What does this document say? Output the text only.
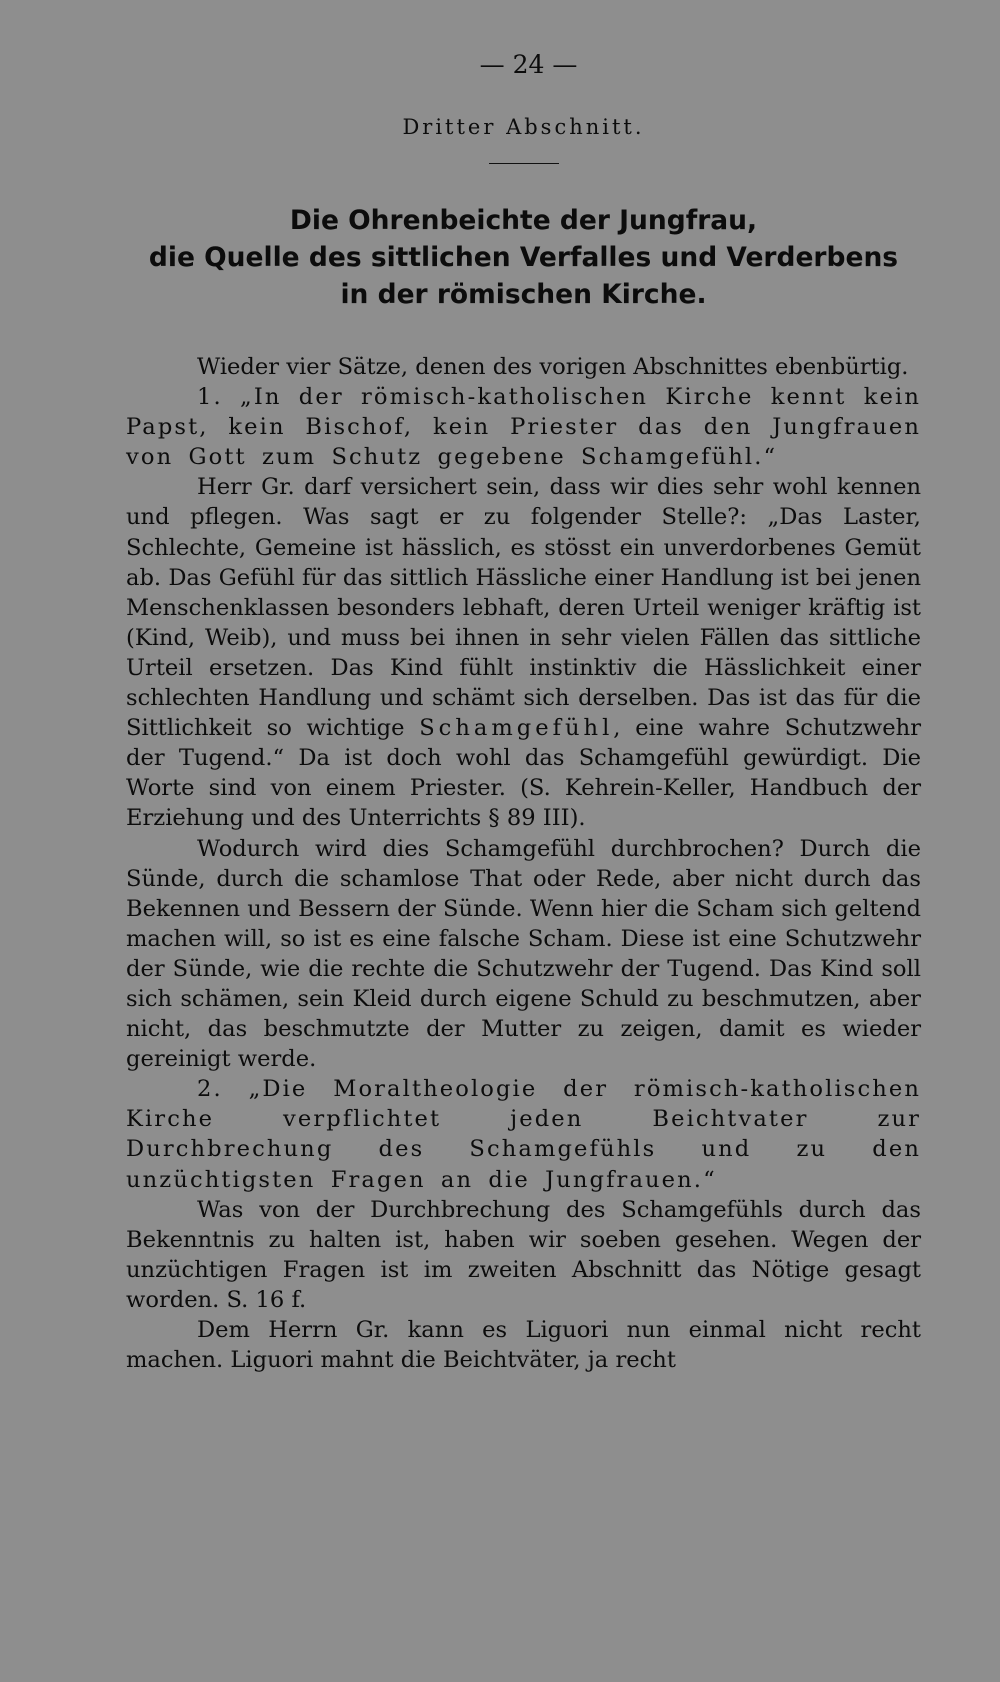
— 24 —
Dritter Abschnitt.
Die Ohrenbeichte der Jungfrau,
die Quelle des sittlichen Verfalles und Verderbens
in der römischen Kirche.

Wieder vier Sätze, denen des vorigen Abschnittes ebenbürtig.

1. „In der römisch-katholischen Kirche kennt kein Papst, kein Bischof, kein Priester das den Jungfrauen von Gott zum Schutz gegebene Schamgefühl.“

Herr Gr. darf versichert sein, dass wir dies sehr wohl kennen und pflegen. Was sagt er zu folgender Stelle?: „Das Laster, Schlechte, Gemeine ist hässlich, es stösst ein unverdorbenes Gemüt ab. Das Gefühl für das sittlich Hässliche einer Handlung ist bei jenen Menschenklassen besonders lebhaft, deren Urteil weniger kräftig ist (Kind, Weib), und muss bei ihnen in sehr vielen Fällen das sittliche Urteil ersetzen. Das Kind fühlt instinktiv die Hässlichkeit einer schlechten Handlung und schämt sich derselben. Das ist das für die Sittlichkeit so wichtige Schamgefühl, eine wahre Schutzwehr der Tugend.“ Da ist doch wohl das Schamgefühl gewürdigt. Die Worte sind von einem Priester. (S. Kehrein-Keller, Handbuch der Erziehung und des Unterrichts § 89 III).

Wodurch wird dies Schamgefühl durchbrochen? Durch die Sünde, durch die schamlose That oder Rede, aber nicht durch das Bekennen und Bessern der Sünde. Wenn hier die Scham sich geltend machen will, so ist es eine falsche Scham. Diese ist eine Schutzwehr der Sünde, wie die rechte die Schutzwehr der Tugend. Das Kind soll sich schämen, sein Kleid durch eigene Schuld zu beschmutzen, aber nicht, das beschmutzte der Mutter zu zeigen, damit es wieder gereinigt werde.

2. „Die Moraltheologie der römisch-katholischen Kirche verpflichtet jeden Beichtvater zur Durchbrechung des Schamgefühls und zu den unzüchtigsten Fragen an die Jungfrauen.“

Was von der Durchbrechung des Schamgefühls durch das Bekenntnis zu halten ist, haben wir soeben gesehen. Wegen der unzüchtigen Fragen ist im zweiten Abschnitt das Nötige gesagt worden. S. 16 f.

Dem Herrn Gr. kann es Liguori nun einmal nicht recht machen. Liguori mahnt die Beichtväter, ja recht
